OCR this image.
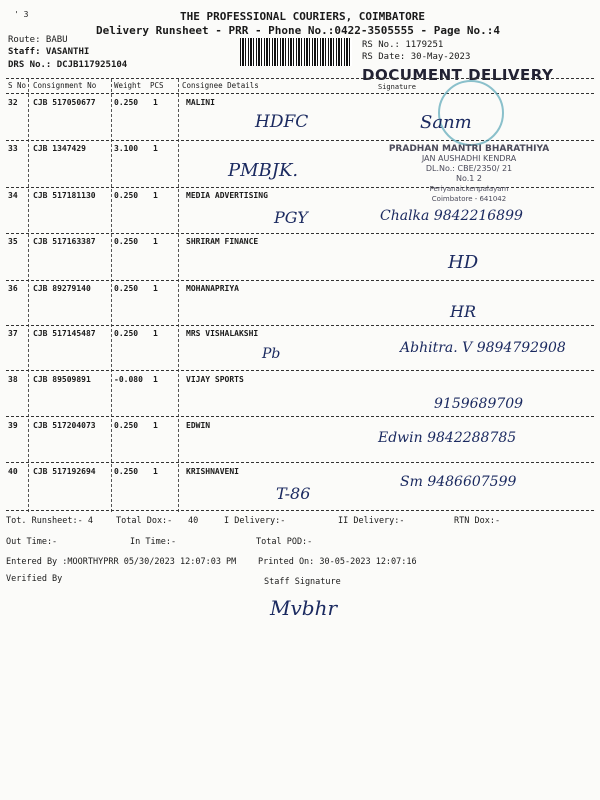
' 3	THE PROFESSIONAL COURIERS, COIMBATORE
Delivery Runsheet - PRR - Phone No.:0422-3505555 - Page No.:4
Route: BABU
Staff: VASANTHI
DRS No.: DCJB117925104
RS No.: 1179251
RS Date: 30-May-2023
DOCUMENT DELIVERY
Signature
S No Consignment No Weight PCS Consignee Details
PRADHAN MANTRI BHARATHIYA
JAN AUSHADHI KENDRA
DL.No.: CBE/2350/ 21
No.1 2
Periyanaickenpalayam
Coimbatore - 641042
32 CJB 517050677 0.250 1	MALINI
HDFC	Sanm
33 CJB 1347429	3.100 1
PMBJK.
34 CJB 517181130 0.250 1	MEDIA ADVERTISING
PGY	Chalka 9842216899
35 CJB 517163387 0.250 1	SHRIRAM FINANCE
HD
36 CJB 89279140	0.250 1	MOHANAPRIYA
HR
37 CJB 517145487 0.250 1	MRS VISHALAKSHI
Pb	Abhitra. V 9894792908
38 CJB 89509891	-0.080 1	VIJAY SPORTS
9159689709
39 CJB 517204073 0.250 1	EDWIN
Edwin 9842288785
40 CJB 517192694 0.250 1	KRISHNAVENI
T-86
Sm 9486607599
Tot. Runsheet:- 4	Total Dox:- 40	I Delivery:-	II Delivery:-	RTN Dox:-
Out Time:-	In Time:-	Total POD:-
Entered By :MOORTHYPRR 05/30/2023 12:07:03 PM	Printed On: 30-05-2023 12:07:16
Verified By	Staff Signature
Mvbhr
